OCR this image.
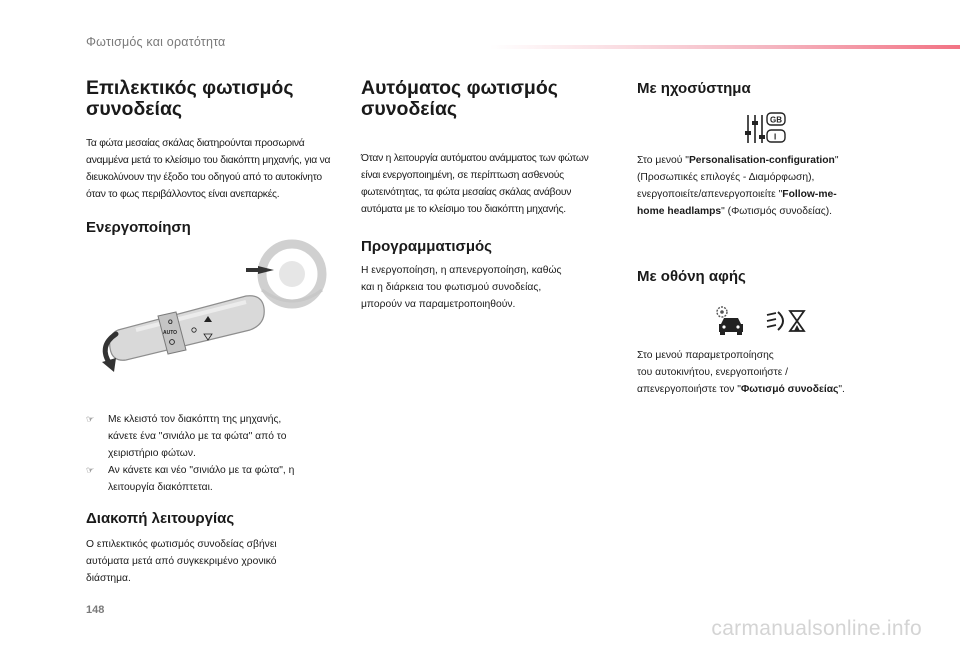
Φωτισμός και ορατότητα
Επιλεκτικός φωτισμός
συνοδείας

Τα φώτα μεσαίας σκάλας διατηρούνται προσωρινά

αναμμένα μετά το κλείσιμο του διακόπτη μηχανής, για να

διευκολύνουν την έξοδο του οδηγού από το αυτοκίνητο

όταν το φως περιβάλλοντος είναι ανεπαρκές.

Ενεργοποίηση
O
AUTO
☞	Με κλειστό τον διακόπτη της μηχανής,
κάνετε ένα "σινιάλο με τα φώτα" από το
χειριστήριο φώτων.
☞	Αν κάνετε και νέο "σινιάλο με τα φώτα", η
λειτουργία διακόπτεται.
Διακοπή λειτουργίας

Ο επιλεκτικός φωτισμός συνοδείας σβήνει

αυτόματα μετά από συγκεκριμένο χρονικό

διάστημα.

Αυτόματος φωτισμός
συνοδείας

Όταν η λειτουργία αυτόματου ανάμματος των φώτων

είναι ενεργοποιημένη, σε περίπτωση ασθενούς

φωτεινότητας, τα φώτα μεσαίας σκάλας ανάβουν

αυτόματα με το κλείσιμο του διακόπτη μηχανής.

Προγραμματισμός

Η ενεργοποίηση, η απενεργοποίηση, καθώς

και η διάρκεια του φωτισμού συνοδείας,

μπορούν να παραμετροποιηθούν.

Με ηχοσύστημα
GB
I

Στο μενού "Personalisation-configuration"

(Προσωπικές επιλογές - Διαμόρφωση),

ενεργοποιείτε/απενεργοποιείτε "Follow-me-

home headlamps" (Φωτισμός συνοδείας).

Με οθόνη αφής

Στο μενού παραμετροποίησης

του αυτοκινήτου, ενεργοποιήστε /

απενεργοποιήστε τον "Φωτισμό συνοδείας".

148
carmanualsonline.info
